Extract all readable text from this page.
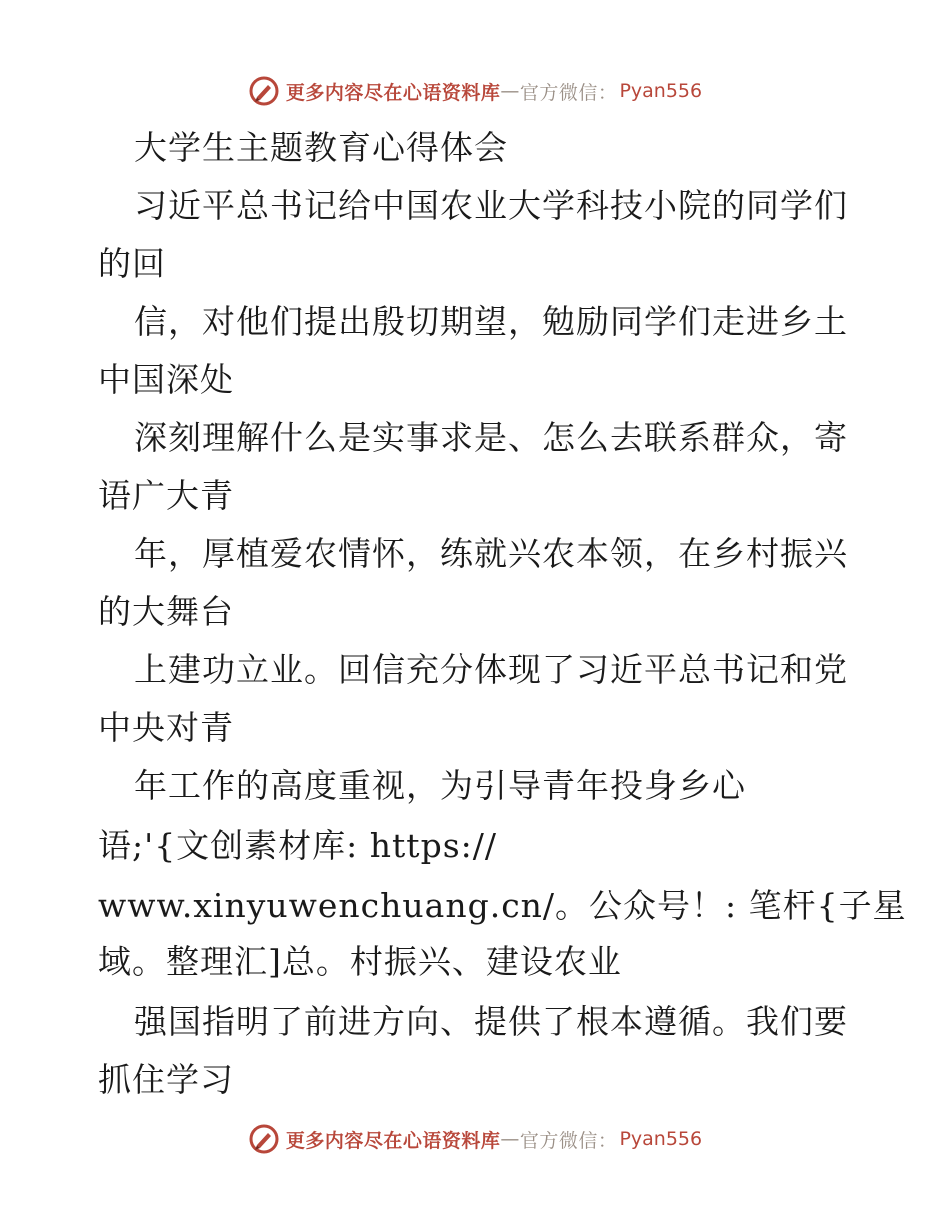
更多内容尽在心语资料库 — 官方微信： Pyan556
大学生主题教育心得体会
习近平总书记给中国农业大学科技小院的同学们
的回
信，对他们提出殷切期望，勉励同学们走进乡土
中国深处
深刻理解什么是实事求是、怎么去联系群众，寄
语广大青
年，厚植爱农情怀，练就兴农本领，在乡村振兴
的大舞台
上建功立业。回信充分体现了习近平总书记和党
中央对青
年工作的高度重视，为引导青年投身乡心
语;'{文创素材库: https://
www.xinyuwenchuang.cn/。公众号！: 笔杆{子星
域。整理汇]总。村振兴、建设农业
强国指明了前进方向、提供了根本遵循。我们要
抓住学习
更多内容尽在心语资料库 — 官方微信： Pyan556
